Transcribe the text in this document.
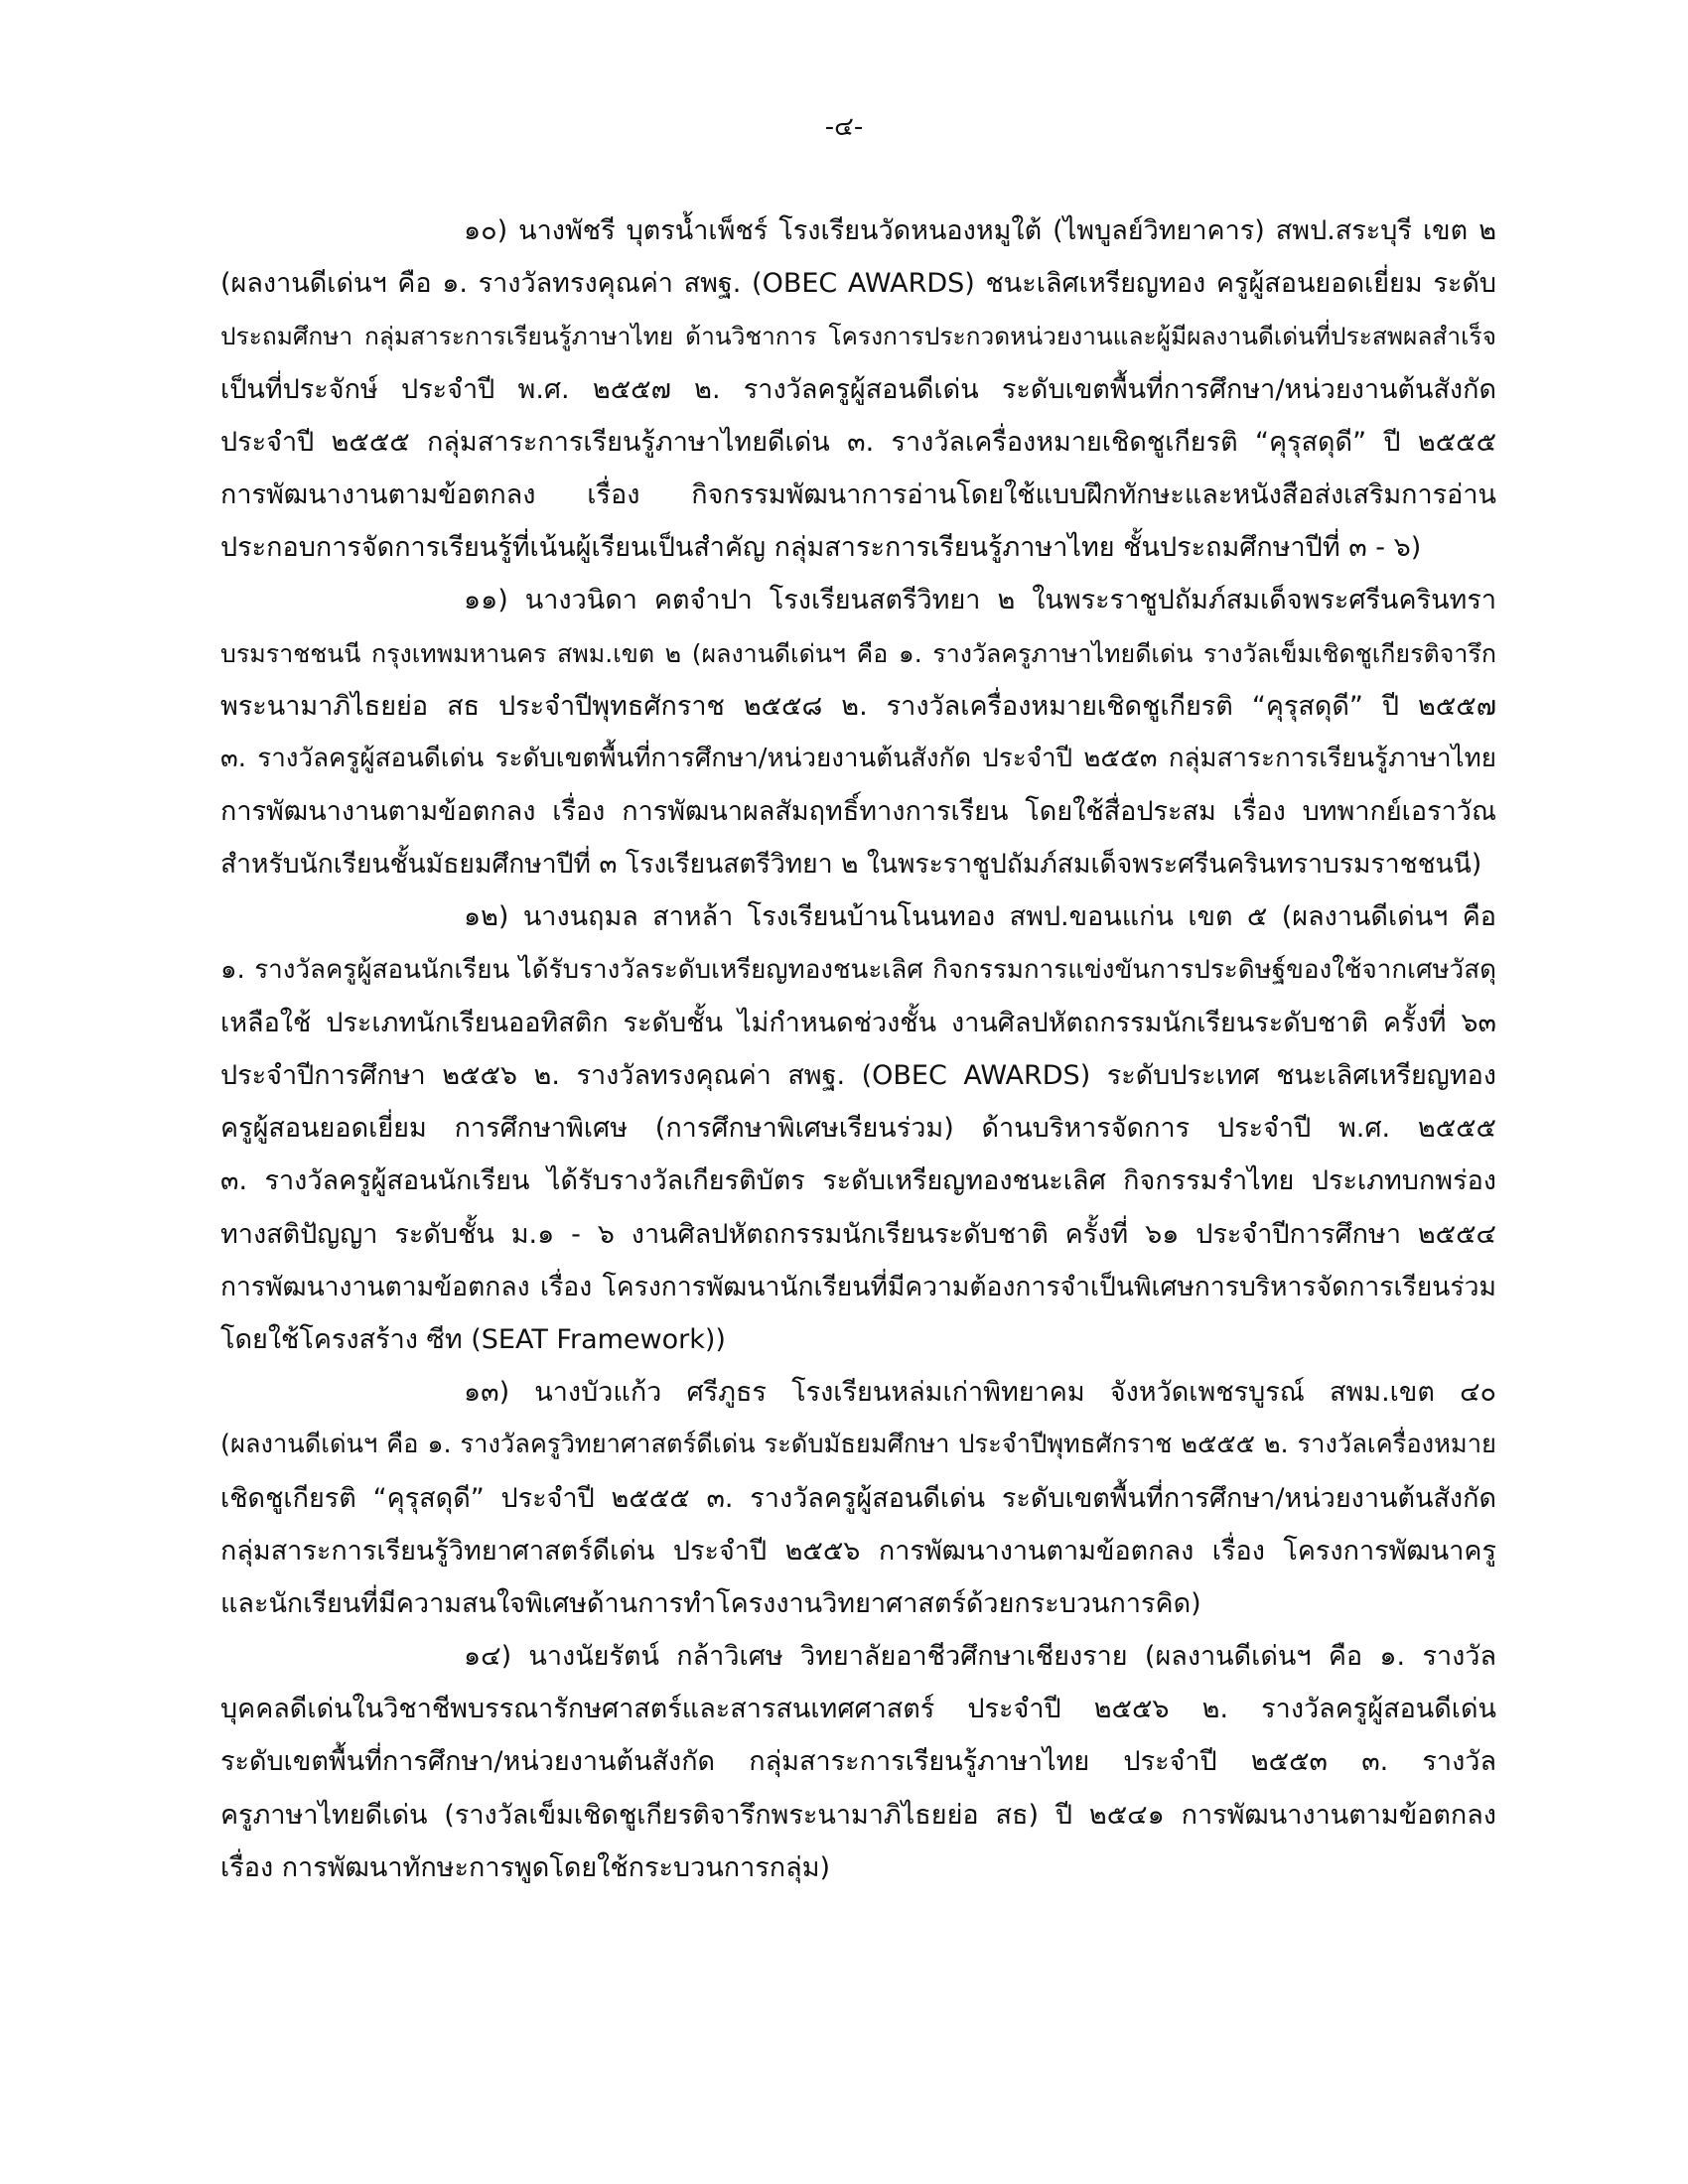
-๔-
๑๐) นางพัชรี บุตรน้ำเพ็ชร์ โรงเรียนวัดหนองหมูใต้ (ไพบูลย์วิทยาคาร) สพป.สระบุรี เขต ๒
(ผลงานดีเด่นฯ คือ ๑. รางวัลทรงคุณค่า สพฐ. (OBEC AWARDS) ชนะเลิศเหรียญทอง ครูผู้สอนยอดเยี่ยม ระดับ
ประถมศึกษา กลุ่มสาระการเรียนรู้ภาษาไทย ด้านวิชาการ โครงการประกวดหน่วยงานและผู้มีผลงานดีเด่นที่ประสพผลสำเร็จ
เป็นที่ประจักษ์ ประจำปี พ.ศ. ๒๕๕๗ ๒. รางวัลครูผู้สอนดีเด่น ระดับเขตพื้นที่การศึกษา/หน่วยงานต้นสังกัด
ประจำปี ๒๕๕๕ กลุ่มสาระการเรียนรู้ภาษาไทยดีเด่น ๓. รางวัลเครื่องหมายเชิดชูเกียรติ “คุรุสดุดี” ปี ๒๕๕๕
การพัฒนางานตามข้อตกลง เรื่อง กิจกรรมพัฒนาการอ่านโดยใช้แบบฝึกทักษะและหนังสือส่งเสริมการอ่าน
ประกอบการจัดการเรียนรู้ที่เน้นผู้เรียนเป็นสำคัญ กลุ่มสาระการเรียนรู้ภาษาไทย ชั้นประถมศึกษาปีที่ ๓ - ๖)
๑๑) นางวนิดา คตจำปา โรงเรียนสตรีวิทยา ๒ ในพระราชูปถัมภ์สมเด็จพระศรีนครินทรา
บรมราชชนนี กรุงเทพมหานคร สพม.เขต ๒ (ผลงานดีเด่นฯ คือ ๑. รางวัลครูภาษาไทยดีเด่น รางวัลเข็มเชิดชูเกียรติจารึก
พระนามาภิไธยย่อ สธ ประจำปีพุทธศักราช ๒๕๕๘ ๒. รางวัลเครื่องหมายเชิดชูเกียรติ “คุรุสดุดี” ปี ๒๕๕๗
๓. รางวัลครูผู้สอนดีเด่น ระดับเขตพื้นที่การศึกษา/หน่วยงานต้นสังกัด ประจำปี ๒๕๕๓ กลุ่มสาระการเรียนรู้ภาษาไทย
การพัฒนางานตามข้อตกลง เรื่อง การพัฒนาผลสัมฤทธิ์ทางการเรียน โดยใช้สื่อประสม เรื่อง บทพากย์เอราวัณ
สำหรับนักเรียนชั้นมัธยมศึกษาปีที่ ๓ โรงเรียนสตรีวิทยา ๒ ในพระราชูปถัมภ์สมเด็จพระศรีนครินทราบรมราชชนนี)
๑๒) นางนฤมล สาหล้า โรงเรียนบ้านโนนทอง สพป.ขอนแก่น เขต ๕ (ผลงานดีเด่นฯ คือ
๑. รางวัลครูผู้สอนนักเรียน ได้รับรางวัลระดับเหรียญทองชนะเลิศ กิจกรรมการแข่งขันการประดิษฐ์ของใช้จากเศษวัสดุ
เหลือใช้ ประเภทนักเรียนออทิสติก ระดับชั้น ไม่กำหนดช่วงชั้น งานศิลปหัตถกรรมนักเรียนระดับชาติ ครั้งที่ ๖๓
ประจำปีการศึกษา ๒๕๕๖ ๒. รางวัลทรงคุณค่า สพฐ. (OBEC AWARDS) ระดับประเทศ ชนะเลิศเหรียญทอง
ครูผู้สอนยอดเยี่ยม การศึกษาพิเศษ (การศึกษาพิเศษเรียนร่วม) ด้านบริหารจัดการ ประจำปี พ.ศ. ๒๕๕๕
๓. รางวัลครูผู้สอนนักเรียน ได้รับรางวัลเกียรติบัตร ระดับเหรียญทองชนะเลิศ กิจกรรมรำไทย ประเภทบกพร่อง
ทางสติปัญญา ระดับชั้น ม.๑ - ๖ งานศิลปหัตถกรรมนักเรียนระดับชาติ ครั้งที่ ๖๑ ประจำปีการศึกษา ๒๕๕๔
การพัฒนางานตามข้อตกลง เรื่อง โครงการพัฒนานักเรียนที่มีความต้องการจำเป็นพิเศษการบริหารจัดการเรียนร่วม
โดยใช้โครงสร้าง ซีท (SEAT Framework))
๑๓) นางบัวแก้ว ศรีภูธร โรงเรียนหล่มเก่าพิทยาคม จังหวัดเพชรบูรณ์ สพม.เขต ๔๐
(ผลงานดีเด่นฯ คือ ๑. รางวัลครูวิทยาศาสตร์ดีเด่น ระดับมัธยมศึกษา ประจำปีพุทธศักราช ๒๕๕๕ ๒. รางวัลเครื่องหมาย
เชิดชูเกียรติ “คุรุสดุดี” ประจำปี ๒๕๕๕ ๓. รางวัลครูผู้สอนดีเด่น ระดับเขตพื้นที่การศึกษา/หน่วยงานต้นสังกัด
กลุ่มสาระการเรียนรู้วิทยาศาสตร์ดีเด่น ประจำปี ๒๕๕๖ การพัฒนางานตามข้อตกลง เรื่อง โครงการพัฒนาครู
และนักเรียนที่มีความสนใจพิเศษด้านการทำโครงงานวิทยาศาสตร์ด้วยกระบวนการคิด)
๑๔) นางนัยรัตน์ กล้าวิเศษ วิทยาลัยอาชีวศึกษาเชียงราย (ผลงานดีเด่นฯ คือ ๑. รางวัล
บุคคลดีเด่นในวิชาชีพบรรณารักษศาสตร์และสารสนเทศศาสตร์ ประจำปี ๒๕๕๖ ๒. รางวัลครูผู้สอนดีเด่น
ระดับเขตพื้นที่การศึกษา/หน่วยงานต้นสังกัด กลุ่มสาระการเรียนรู้ภาษาไทย ประจำปี ๒๕๕๓ ๓. รางวัล
ครูภาษาไทยดีเด่น (รางวัลเข็มเชิดชูเกียรติจารึกพระนามาภิไธยย่อ สธ) ปี ๒๕๔๑ การพัฒนางานตามข้อตกลง
เรื่อง การพัฒนาทักษะการพูดโดยใช้กระบวนการกลุ่ม)
